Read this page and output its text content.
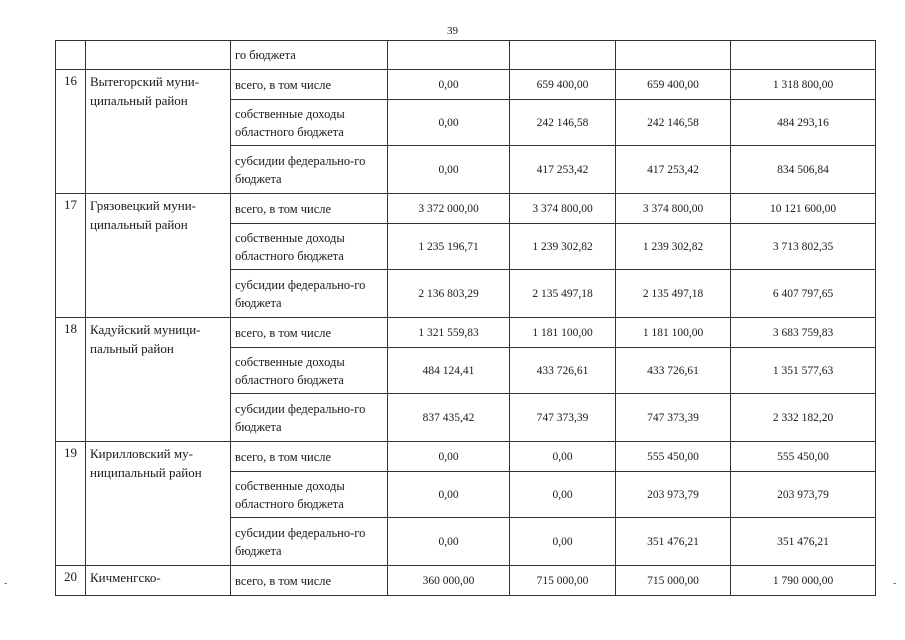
39
		го бюджета				
16	Вытегорский муни-ципальный район	всего, в том числе	0,00	659 400,00	659 400,00	1 318 800,00
		собственные доходы областного бюджета	0,00	242 146,58	242 146,58	484 293,16
		субсидии федерально-го бюджета	0,00	417 253,42	417 253,42	834 506,84
17	Грязовецкий муни-ципальный район	всего, в том числе	3 372 000,00	3 374 800,00	3 374 800,00	10 121 600,00
		собственные доходы областного бюджета	1 235 196,71	1 239 302,82	1 239 302,82	3 713 802,35
		субсидии федерально-го бюджета	2 136 803,29	2 135 497,18	2 135 497,18	6 407 797,65
18	Кадуйский муници-пальный район	всего, в том числе	1 321 559,83	1 181 100,00	1 181 100,00	3 683 759,83
		собственные доходы областного бюджета	484 124,41	433 726,61	433 726,61	1 351 577,63
		субсидии федерально-го бюджета	837 435,42	747 373,39	747 373,39	2 332 182,20
19	Кирилловский му-ниципальный район	всего, в том числе	0,00	0,00	555 450,00	555 450,00
		собственные доходы областного бюджета	0,00	0,00	203 973,79	203 973,79
		субсидии федерально-го бюджета	0,00	0,00	351 476,21	351 476,21
20	Кичменгско-	всего, в том числе	360 000,00	715 000,00	715 000,00	1 790 000,00
-	-
